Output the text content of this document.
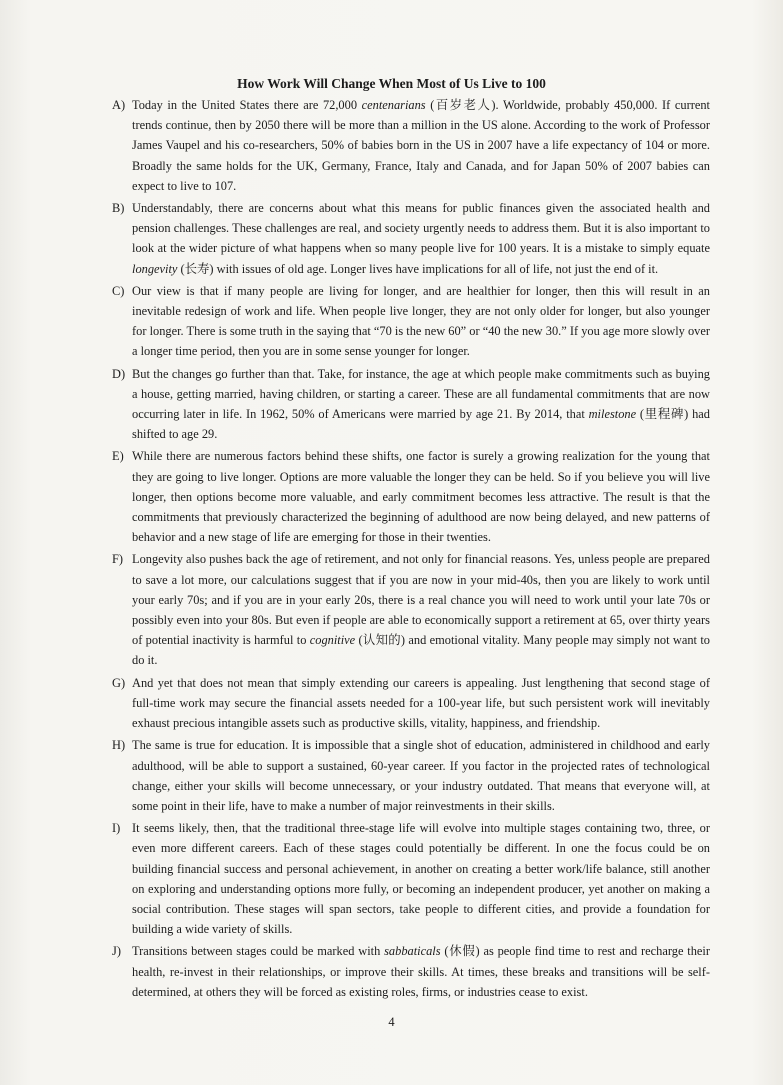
How Work Will Change When Most of Us Live to 100
A) Today in the United States there are 72,000 centenarians (百岁老人). Worldwide, probably 450,000. If current trends continue, then by 2050 there will be more than a million in the US alone. According to the work of Professor James Vaupel and his co-researchers, 50% of babies born in the US in 2007 have a life expectancy of 104 or more. Broadly the same holds for the UK, Germany, France, Italy and Canada, and for Japan 50% of 2007 babies can expect to live to 107.
B) Understandably, there are concerns about what this means for public finances given the associated health and pension challenges. These challenges are real, and society urgently needs to address them. But it is also important to look at the wider picture of what happens when so many people live for 100 years. It is a mistake to simply equate longevity (长寿) with issues of old age. Longer lives have implications for all of life, not just the end of it.
C) Our view is that if many people are living for longer, and are healthier for longer, then this will result in an inevitable redesign of work and life. When people live longer, they are not only older for longer, but also younger for longer. There is some truth in the saying that “70 is the new 60” or “40 the new 30.” If you age more slowly over a longer time period, then you are in some sense younger for longer.
D) But the changes go further than that. Take, for instance, the age at which people make commitments such as buying a house, getting married, having children, or starting a career. These are all fundamental commitments that are now occurring later in life. In 1962, 50% of Americans were married by age 21. By 2014, that milestone (里程碑) had shifted to age 29.
E) While there are numerous factors behind these shifts, one factor is surely a growing realization for the young that they are going to live longer. Options are more valuable the longer they can be held. So if you believe you will live longer, then options become more valuable, and early commitment becomes less attractive. The result is that the commitments that previously characterized the beginning of adulthood are now being delayed, and new patterns of behavior and a new stage of life are emerging for those in their twenties.
F) Longevity also pushes back the age of retirement, and not only for financial reasons. Yes, unless people are prepared to save a lot more, our calculations suggest that if you are now in your mid-40s, then you are likely to work until your early 70s; and if you are in your early 20s, there is a real chance you will need to work until your late 70s or possibly even into your 80s. But even if people are able to economically support a retirement at 65, over thirty years of potential inactivity is harmful to cognitive (认知的) and emotional vitality. Many people may simply not want to do it.
G) And yet that does not mean that simply extending our careers is appealing. Just lengthening that second stage of full-time work may secure the financial assets needed for a 100-year life, but such persistent work will inevitably exhaust precious intangible assets such as productive skills, vitality, happiness, and friendship.
H) The same is true for education. It is impossible that a single shot of education, administered in childhood and early adulthood, will be able to support a sustained, 60-year career. If you factor in the projected rates of technological change, either your skills will become unnecessary, or your industry outdated. That means that everyone will, at some point in their life, have to make a number of major reinvestments in their skills.
I) It seems likely, then, that the traditional three-stage life will evolve into multiple stages containing two, three, or even more different careers. Each of these stages could potentially be different. In one the focus could be on building financial success and personal achievement, in another on creating a better work/life balance, still another on exploring and understanding options more fully, or becoming an independent producer, yet another on making a social contribution. These stages will span sectors, take people to different cities, and provide a foundation for building a wide variety of skills.
J) Transitions between stages could be marked with sabbaticals (休假) as people find time to rest and recharge their health, re-invest in their relationships, or improve their skills. At times, these breaks and transitions will be self-determined, at others they will be forced as existing roles, firms, or industries cease to exist.
4
